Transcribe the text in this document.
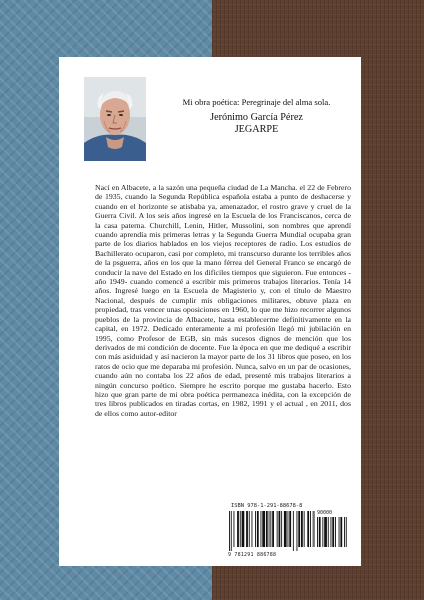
Mi obra poética: Peregrinaje del alma sola.
Jerónimo García Pérez
JEGARPE

Nací en Albacete, a la sazón una pequeña ciudad de La Mancha. el 22 de Febrero de 1935, cuando la Segunda República española estaba a punto de deshacerse y cuando en el horizonte se atisbaba ya, amenazador, el rostro grave y cruel de la Guerra Civil. A los seis años ingresé en la Escuela de los Franciscanos, cerca de la casa paterna. Churchill, Lenin, Hitler, Mussolini, son nombres que aprendí cuando aprendía mis primeras letras y la Segunda Guerra Mundial ocupaba gran parte de los diarios hablados en los viejos receptores de radio. Los estudios de Bachillerato ocuparon, casi por completo, mi transcurso durante los terribles años de la psguerra, años en los que la mano férrea del General Franco se encargó de conducir la nave del Estado en los difíciles tiempos que siguieron. Fue entonces -año 1949- cuando comencé a escribir mis primeros trabajos literarios. Tenía 14 años. Ingresé luego en la Escuela de Magisterio y, con el título de Maestro Nacional, después de cumplir mis obligaciones militares, obtuve plaza en propiedad, tras vencer unas oposiciones en 1960, lo que me hizo recorrer algunos pueblos de la provincia de Albacete, hasta establecerme definitivamente en la capital, en 1972. Dedicado enteramente a mi profesión llegó mi jubilación en 1995, como Profesor de EGB, sin más sucesos dignos de mención que los derivados de mi condición de docente. Fue la época en que me dediqué a escribir con más asiduidad y así nacieron la mayor parte de los 31 libros que poseo, en los ratos de ocio que me deparaba mi profesión. Nunca, salvo en un par de ocasiones, cuando aún no contaba los 22 años de edad, presenté mis trabajos literarios a ningún concurso poético. Siempre he escrito porque me gustaba hacerlo. Esto hizo que gran parte de mi obra poética permanezca inédita, con la excepción de tres libros publicados en tiradas cortas, en 1982, 1991 y el actual , en 2011, dos de ellos como autor-editor

ISBN 978-1-291-88678-8
90000
9 781291 886788
